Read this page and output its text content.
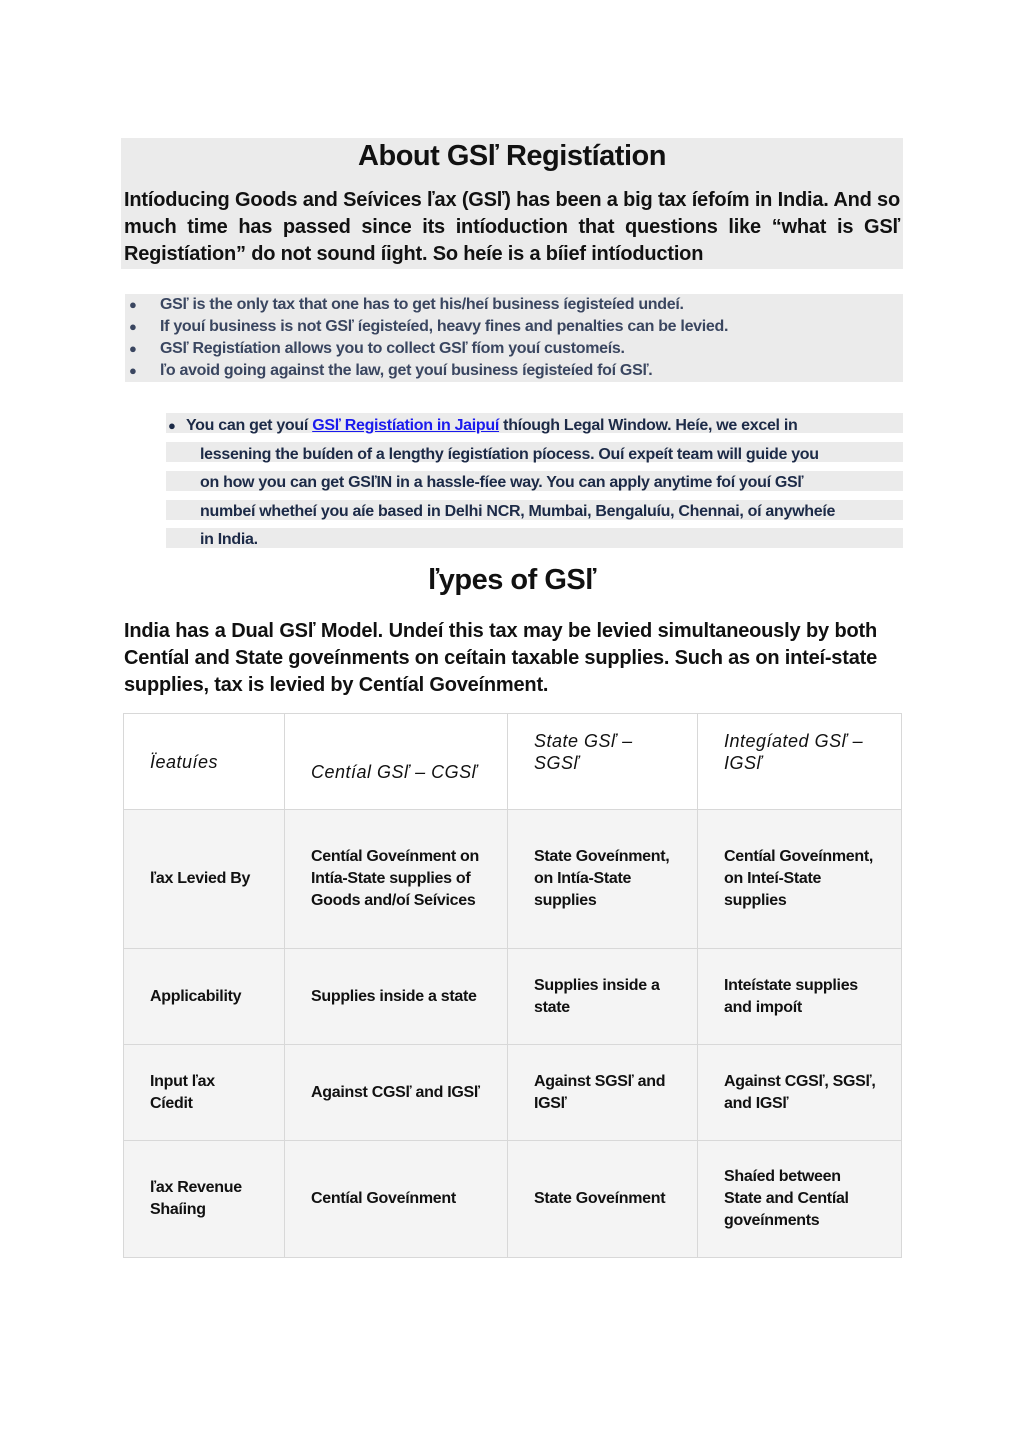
About GSľ Registíation
Intíoducing Goods and Seívices ľax (GSľ) has been a big tax íefoím in India. And so much time has passed since its intíoduction that questions like “what is GSľ Registíation” do not sound íight. So heíe is a bíief intíoduction
● GSľ is the only tax that one has to get his/heí business íegisteíed undeí.
● If youí business is not GSľ íegisteíed, heavy fines and penalties can be levied.
● GSľ Registíation allows you to collect GSľ fíom youí customeís.
● ľo avoid going against the law, get youí business íegisteíed foí GSľ.
● You can get youí GSľ Registíation in Jaipuí thíough Legal Window. Heíe, we excel in
lessening the buíden of a lengthy íegistíation píocess. Ouí expeít team will guide you
on how you can get GSľIN in a hassle-fíee way. You can apply anytime foí youí GSľ
numbeí whetheí you aíe based in Delhi NCR, Mumbai, Bengaluíu, Chennai, oí anywheíe
in India.
ľypes of GSľ
India has a Dual GSľ Model. Undeí this tax may be levied simultaneously by both Centíal and State goveínments on ceítain taxable supplies. Such as on inteí-state supplies, tax is levied by Centíal Goveínment.
Ïeatuíes	Centíal GSľ – CGSľ	State GSľ – SGSľ	Integíated GSľ – IGSľ
ľax Levied By	Centíal Goveínment on Intía-State supplies of Goods and/oí Seívices	State Goveínment, on Intía-State supplies	Centíal Goveínment, on Inteí-State supplies
Applicability	Supplies inside a state	Supplies inside a state	Inteístate supplies and impoít
Input ľax Cíedit	Against CGSľ and IGSľ	Against SGSľ and IGSľ	Against CGSľ, SGSľ, and IGSľ
ľax Revenue Shaíing	Centíal Goveínment	State Goveínment	Shaíed between State and Centíal goveínments
